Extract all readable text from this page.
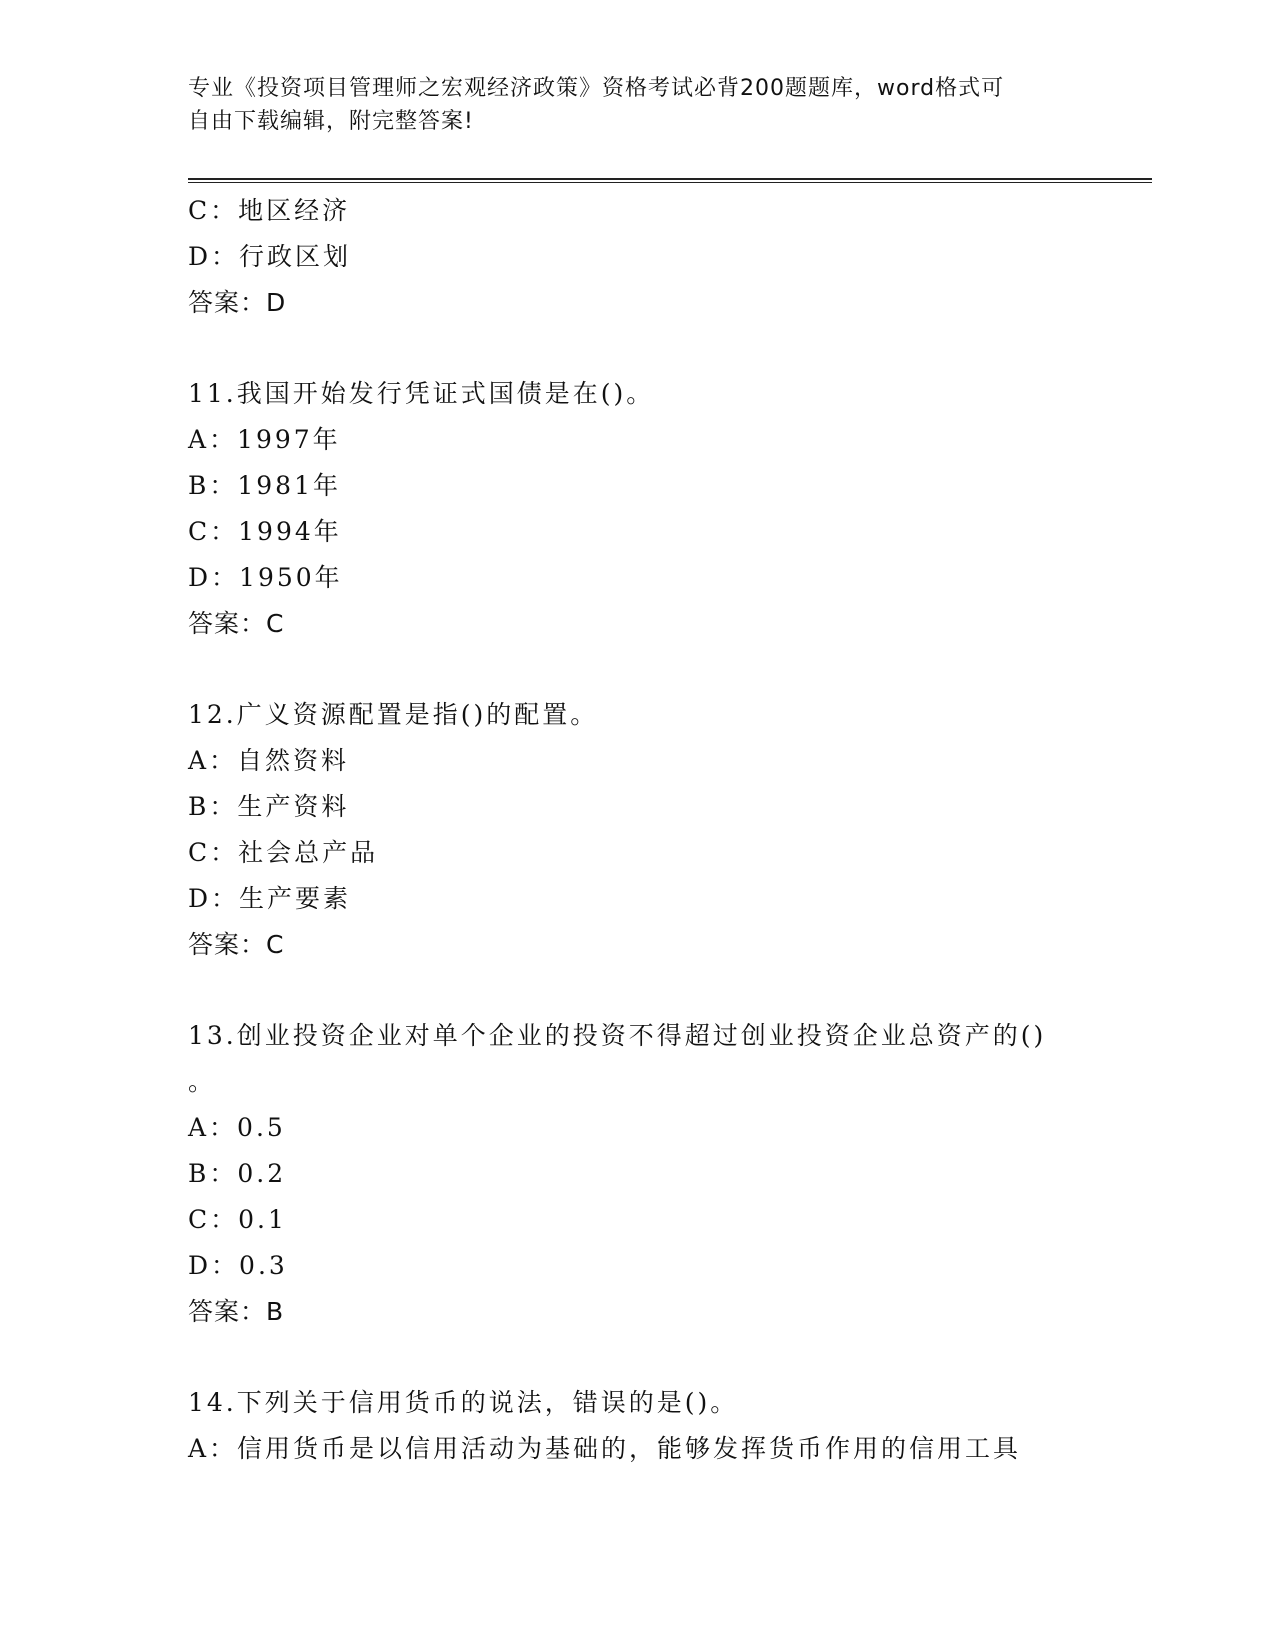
专业《投资项目管理师之宏观经济政策》资格考试必背200题题库，word格式可
自由下载编辑，附完整答案!
C：地区经济
D：行政区划
答案：D
11.我国开始发行凭证式国债是在()。
A：1997年
B：1981年
C：1994年
D：1950年
答案：C
12.广义资源配置是指()的配置。
A：自然资料
B：生产资料
C：社会总产品
D：生产要素
答案：C
13.创业投资企业对单个企业的投资不得超过创业投资企业总资产的()
。
A：0.5
B：0.2
C：0.1
D：0.3
答案：B
14.下列关于信用货币的说法，错误的是()。
A：信用货币是以信用活动为基础的，能够发挥货币作用的信用工具
